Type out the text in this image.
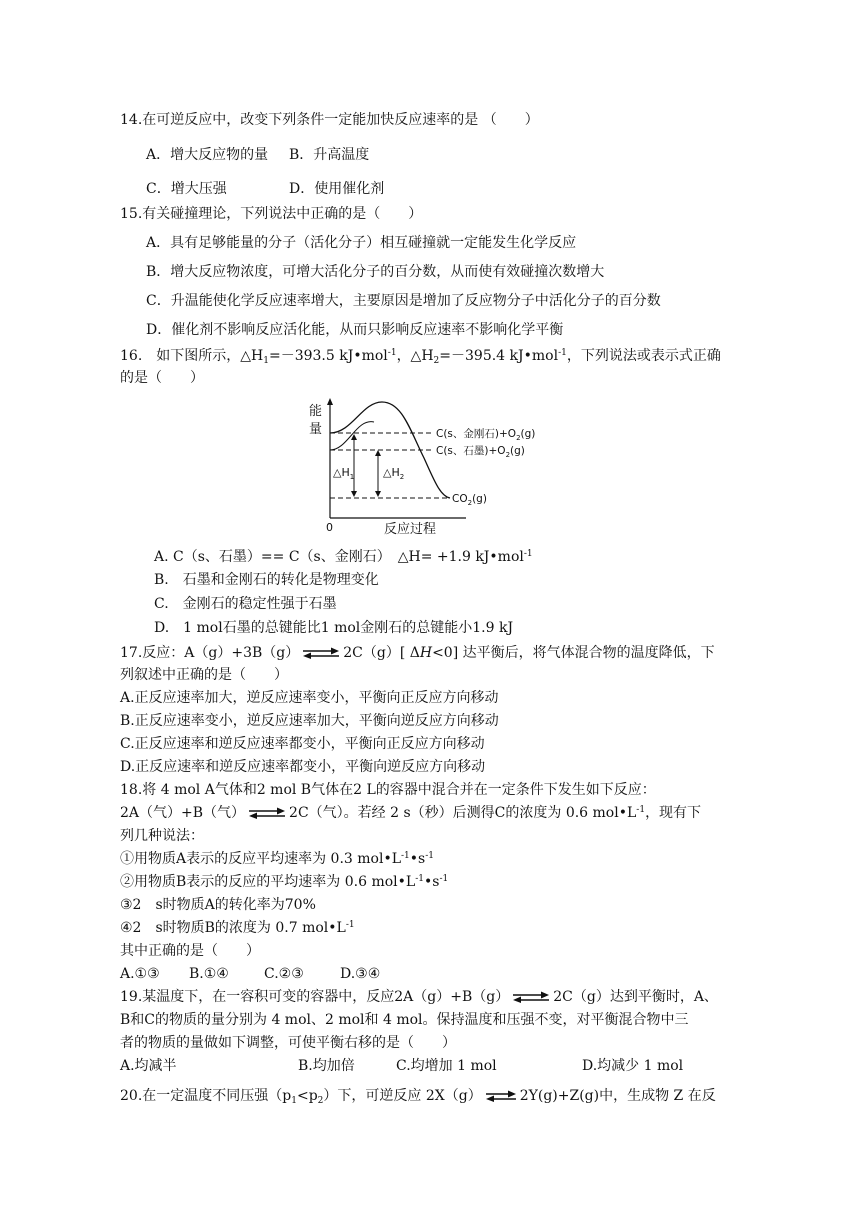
14.在可逆反应中，改变下列条件一定能加快反应速率的是 （　　）
A．增大反应物的量 B．升高温度
C．增大压强	D．使用催化剂
15.有关碰撞理论，下列说法中正确的是（　　）
A．具有足够能量的分子（活化分子）相互碰撞就一定能发生化学反应
B．增大反应物浓度，可增大活化分子的百分数，从而使有效碰撞次数增大
C．升温能使化学反应速率增大，主要原因是增加了反应物分子中活化分子的百分数
D．催化剂不影响反应活化能，从而只影响反应速率不影响化学平衡
16.　如下图所示，$\triangle H_1=-393.5$ kJ•mol$^{-1}$，$\triangle H_2=-395.4$ kJ•mol$^{-1}$，下列说法或表示式正确
的是（　　）
能
量
0	反应过程
$\triangle H_1$	$\triangle H_2$
C(s、金刚石)$+O_2(g)$
C(s、石墨)$+O_2(g)$
$CO_2(g)$
A. C（s、石墨）== C（s、金刚石）　△H= +1.9 kJ•mol$^{-1}$
B.　石墨和金刚石的转化是物理变化
C.　金刚石的稳定性强于石墨
D.　1 mol石墨的总键能比1 mol金刚石的总键能小1.9 kJ
17.反应：A（g）+3B（g） ⇌ 2C（g）[ ΔH<0] 达平衡后，将气体混合物的温度降低，下
列叙述中正确的是（　　）
A.正反应速率加大，逆反应速率变小，平衡向正反应方向移动
B.正反应速率变小，逆反应速率加大，平衡向逆反应方向移动
C.正反应速率和逆反应速率都变小，平衡向正反应方向移动
D.正反应速率和逆反应速率都变小，平衡向逆反应方向移动
18.将 4 mol A气体和2 mol B气体在2 L的容器中混合并在一定条件下发生如下反应：
2A（气）+B（气） ⇌ 2C（气）。若经 2 s（秒）后测得C的浓度为 0.6 $mol•L^{-1}$，现有下
列几种说法：
①用物质A表示的反应平均速率为 0.3 $mol•L^{-1}•s^{-1}$
②用物质B表示的反应的平均速率为 0.6 $mol•L^{-1}•s^{-1}$
③2　s时物质A的转化率为70%
④2　s时物质B的浓度为 0.7 $mol•L^{-1}$
其中正确的是（　　）
A.①③ B.①④	C.②③	D.③④
19.某温度下，在一容积可变的容器中，反应2A（g）+B（g） ⇌ 2C（g）达到平衡时，A、
B和C的物质的量分别为 4 mol、2 mol和 4 mol。保持温度和压强不变，对平衡混合物中三
者的物质的量做如下调整，可使平衡右移的是（　　）
A.均减半	B.均加倍	C.均增加 1 mol	D.均减少 1 mol
20.在一定温度不同压强$(p_1<p_2)$下，可逆反应 2X（g） ⇌ 2Y(g)+Z(g)中，生成物 Z 在反
